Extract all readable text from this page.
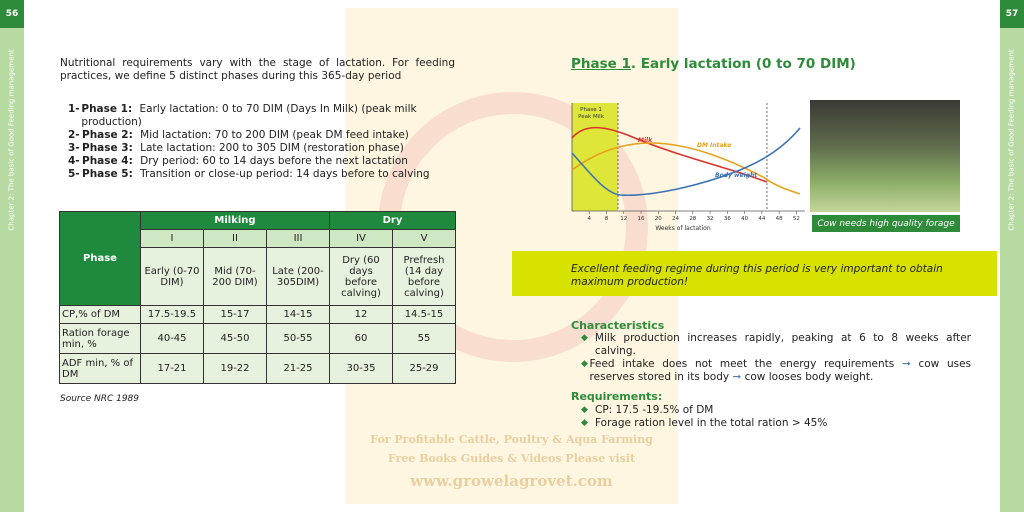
56	57
Chapter 2: The basic of Good Feeding management	Chapter 2: The basic of Good Feeding management
For Profitable Cattle, Poultry & Aqua Farming
Free Books Guides & Videos Please visit
www.growelagrovet.com
Nutritional requirements vary with the stage of lactation. For feeding practices, we define 5 distinct phases during this 365-day period
1- Phase 1: Early lactation: 0 to 70 DIM (Days In Milk) (peak milk production)
2- Phase 2: Mid lactation: 70 to 200 DIM (peak DM feed intake)
3- Phase 3: Late lactation: 200 to 305 DIM (restoration phase)
4- Phase 4: Dry period: 60 to 14 days before the next lactation
5- Phase 5: Transition or close-up period: 14 days before to calving
Phase	Milking			Dry	
	I	II	III	IV	V
	Early (0-70 DIM)	Mid (70-200 DIM)	Late (200-305DIM)	Dry (60 days before calving)	Prefresh (14 day before calving)
CP,% of DM	17.5-19.5	15-17	14-15	12	14.5-15
Ration forage min, %	40-45	45-50	50-55	60	55
ADF min, % of DM	17-21	19-22	21-25	30-35	25-29
Source NRC 1989
Phase 1. Early lactation (0 to 70 DIM)
Phase 1
Peak Milk
Milk
DM Intake
Body weight
4	8 12 16 20 24 28 32 36 40 44 48 52
Weeks of lactation	Cow needs high quality forage
Excellent feeding regime during this period is very important to obtain maximum production!
Characteristics
◆ Milk production increases rapidly, peaking at 6 to 8 weeks after calving.
◆ Feed intake does not meet the energy requirements ➞ cow uses reserves stored in its body ➞ cow looses body weight.
Requirements:
◆ CP: 17.5 -19.5% of DM
◆ Forage ration level in the total ration > 45%
